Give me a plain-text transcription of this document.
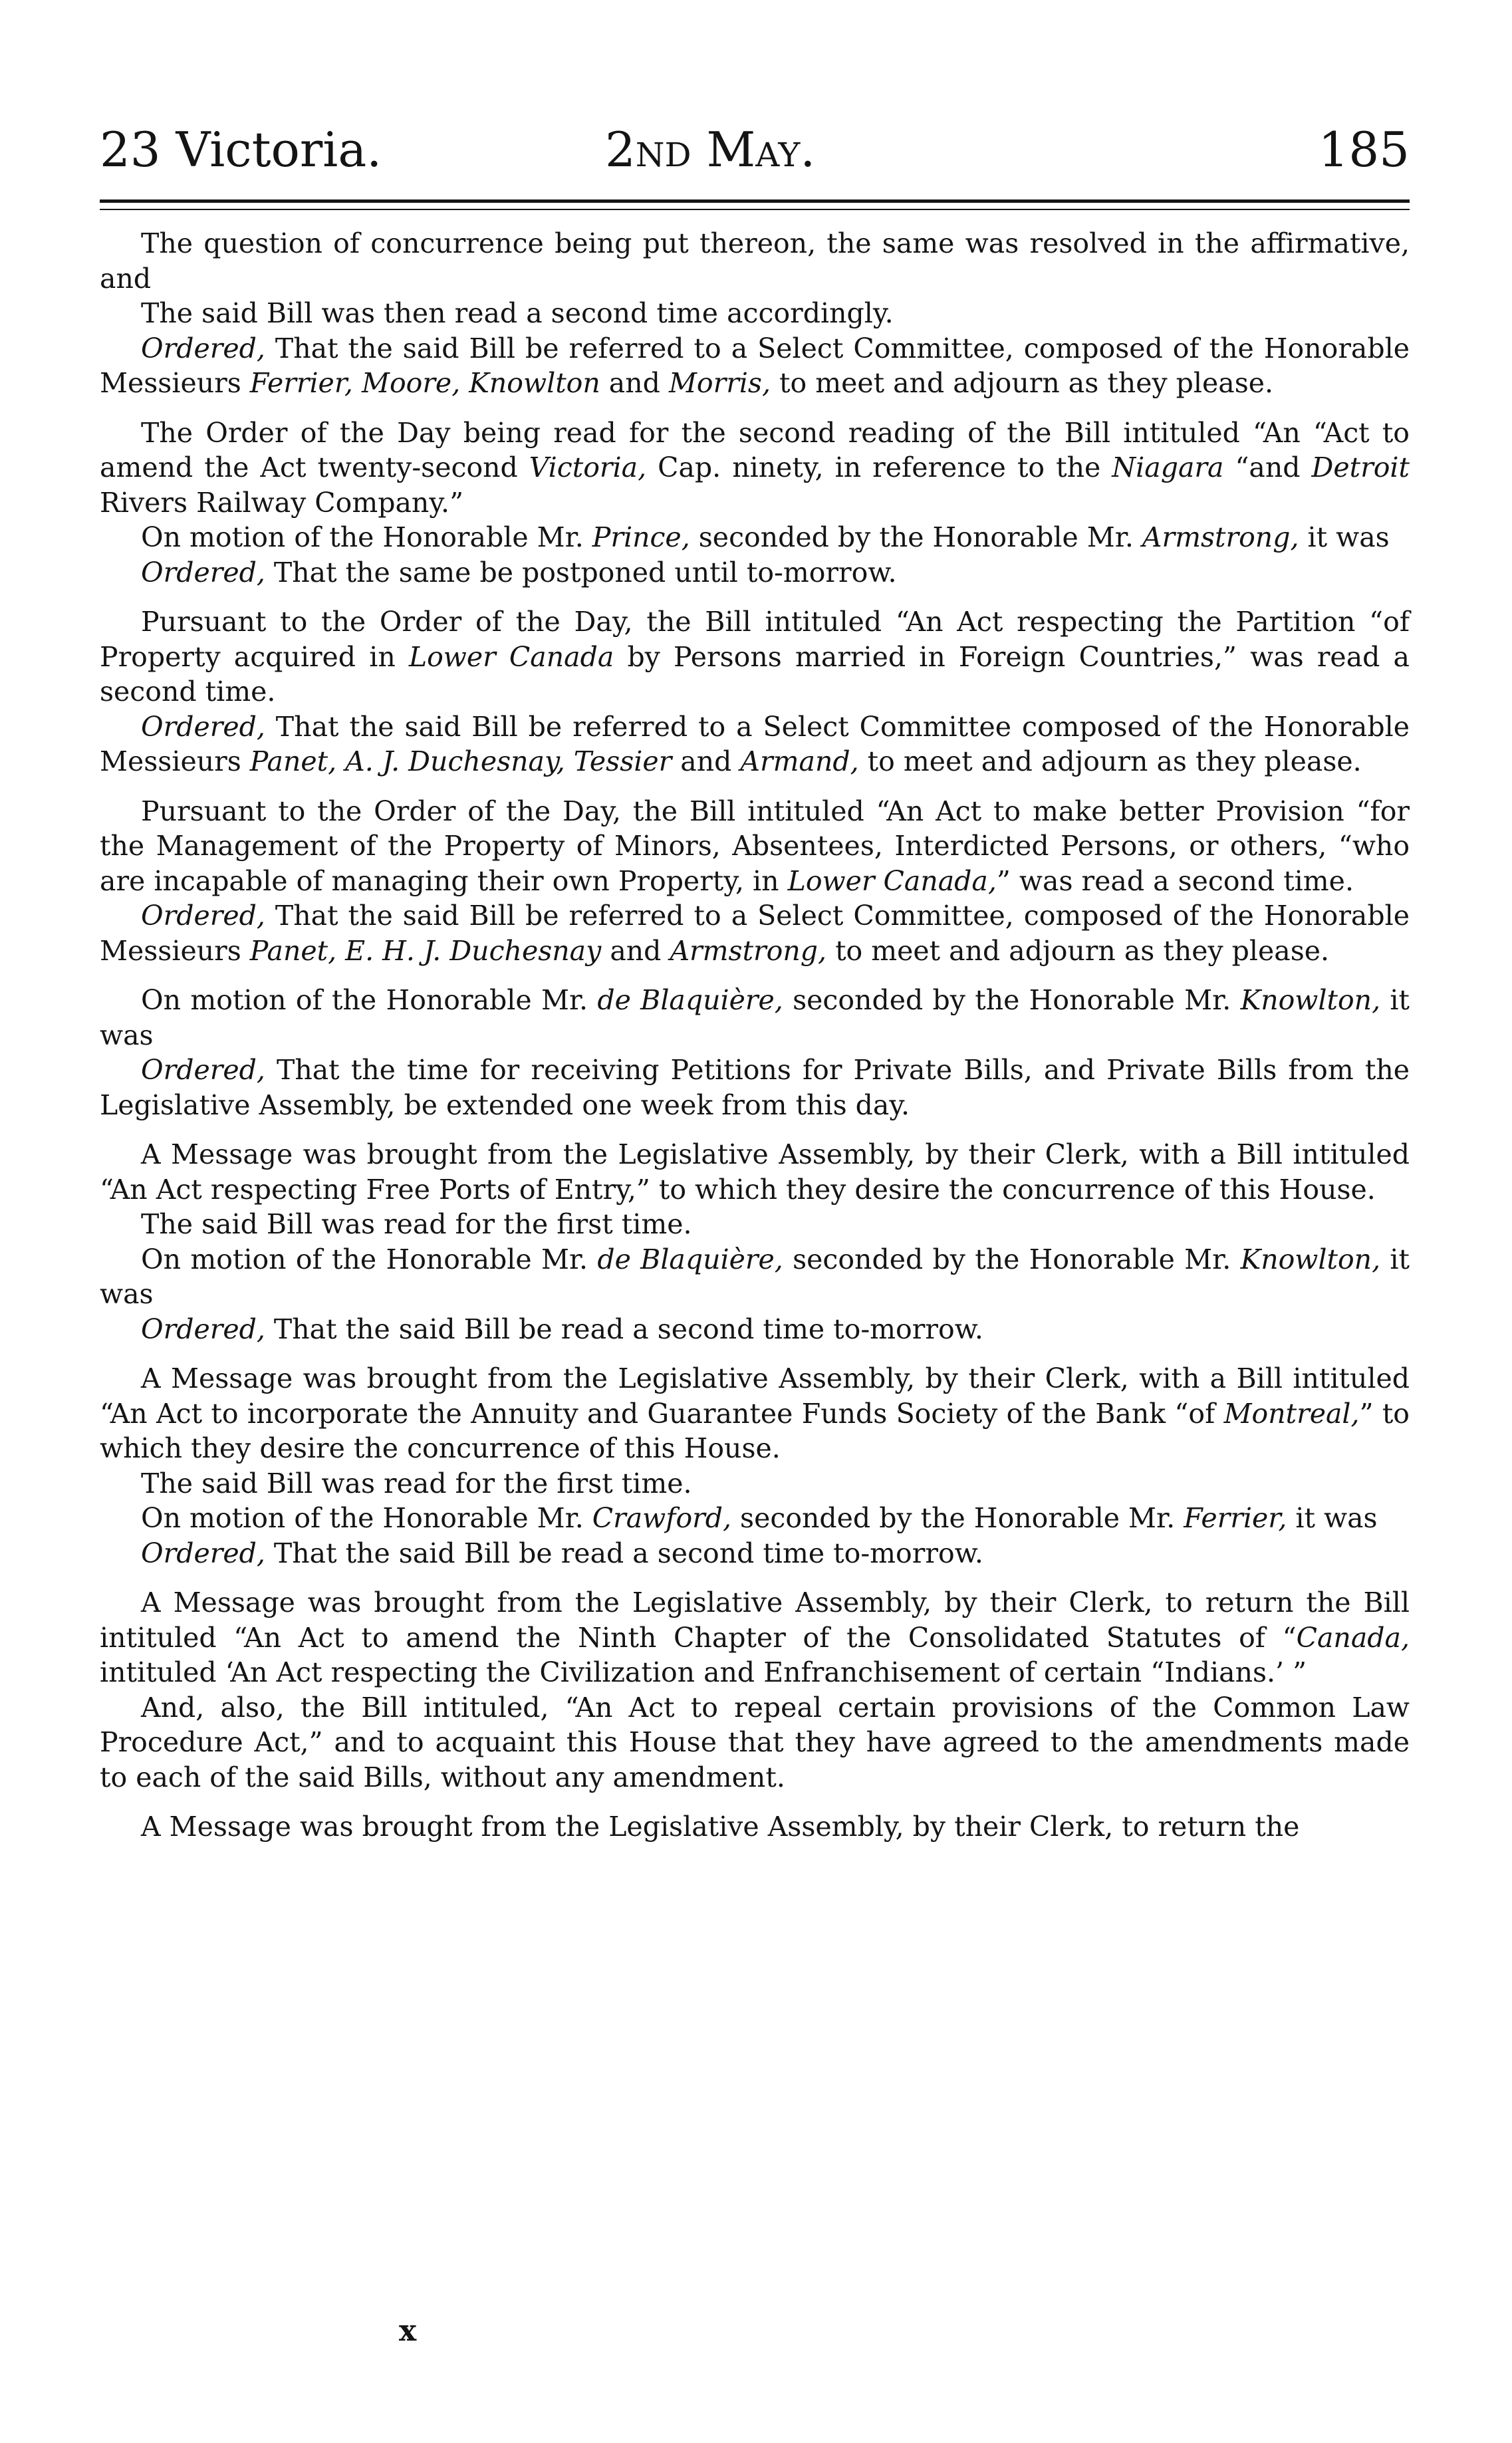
23 Victoria.	2nd May.	185

The question of concurrence being put thereon, the same was resolved in the affirmative, and

The said Bill was then read a second time accordingly.

Ordered, That the said Bill be referred to a Select Committee, composed of the Honorable Messieurs Ferrier, Moore, Knowlton and Morris, to meet and adjourn as they please.

The Order of the Day being read for the second reading of the Bill intituled “An “Act to amend the Act twenty-second Victoria, Cap. ninety, in reference to the Niagara “and Detroit Rivers Railway Company.”

On motion of the Honorable Mr. Prince, seconded by the Honorable Mr. Armstrong, it was

Ordered, That the same be postponed until to-morrow.

Pursuant to the Order of the Day, the Bill intituled “An Act respecting the Partition “of Property acquired in Lower Canada by Persons married in Foreign Countries,” was read a second time.

Ordered, That the said Bill be referred to a Select Committee composed of the Honorable Messieurs Panet, A. J. Duchesnay, Tessier and Armand, to meet and adjourn as they please.

Pursuant to the Order of the Day, the Bill intituled “An Act to make better Provision “for the Management of the Property of Minors, Absentees, Interdicted Persons, or others, “who are incapable of managing their own Property, in Lower Canada,” was read a second time.

Ordered, That the said Bill be referred to a Select Committee, composed of the Honorable Messieurs Panet, E. H. J. Duchesnay and Armstrong, to meet and adjourn as they please.

On motion of the Honorable Mr. de Blaquière, seconded by the Honorable Mr. Knowlton, it was

Ordered, That the time for receiving Petitions for Private Bills, and Private Bills from the Legislative Assembly, be extended one week from this day.

A Message was brought from the Legislative Assembly, by their Clerk, with a Bill intituled “An Act respecting Free Ports of Entry,” to which they desire the concurrence of this House.

The said Bill was read for the first time.

On motion of the Honorable Mr. de Blaquière, seconded by the Honorable Mr. Knowlton, it was

Ordered, That the said Bill be read a second time to-morrow.

A Message was brought from the Legislative Assembly, by their Clerk, with a Bill intituled “An Act to incorporate the Annuity and Guarantee Funds Society of the Bank “of Montreal,” to which they desire the concurrence of this House.

The said Bill was read for the first time.

On motion of the Honorable Mr. Crawford, seconded by the Honorable Mr. Ferrier, it was

Ordered, That the said Bill be read a second time to-morrow.

A Message was brought from the Legislative Assembly, by their Clerk, to return the Bill intituled “An Act to amend the Ninth Chapter of the Consolidated Statutes of “Canada, intituled ‘An Act respecting the Civilization and Enfranchisement of certain “Indians.’ ”

And, also, the Bill intituled, “An Act to repeal certain provisions of the Common Law Procedure Act,” and to acquaint this House that they have agreed to the amendments made to each of the said Bills, without any amendment.

A Message was brought from the Legislative Assembly, by their Clerk, to return the

x
